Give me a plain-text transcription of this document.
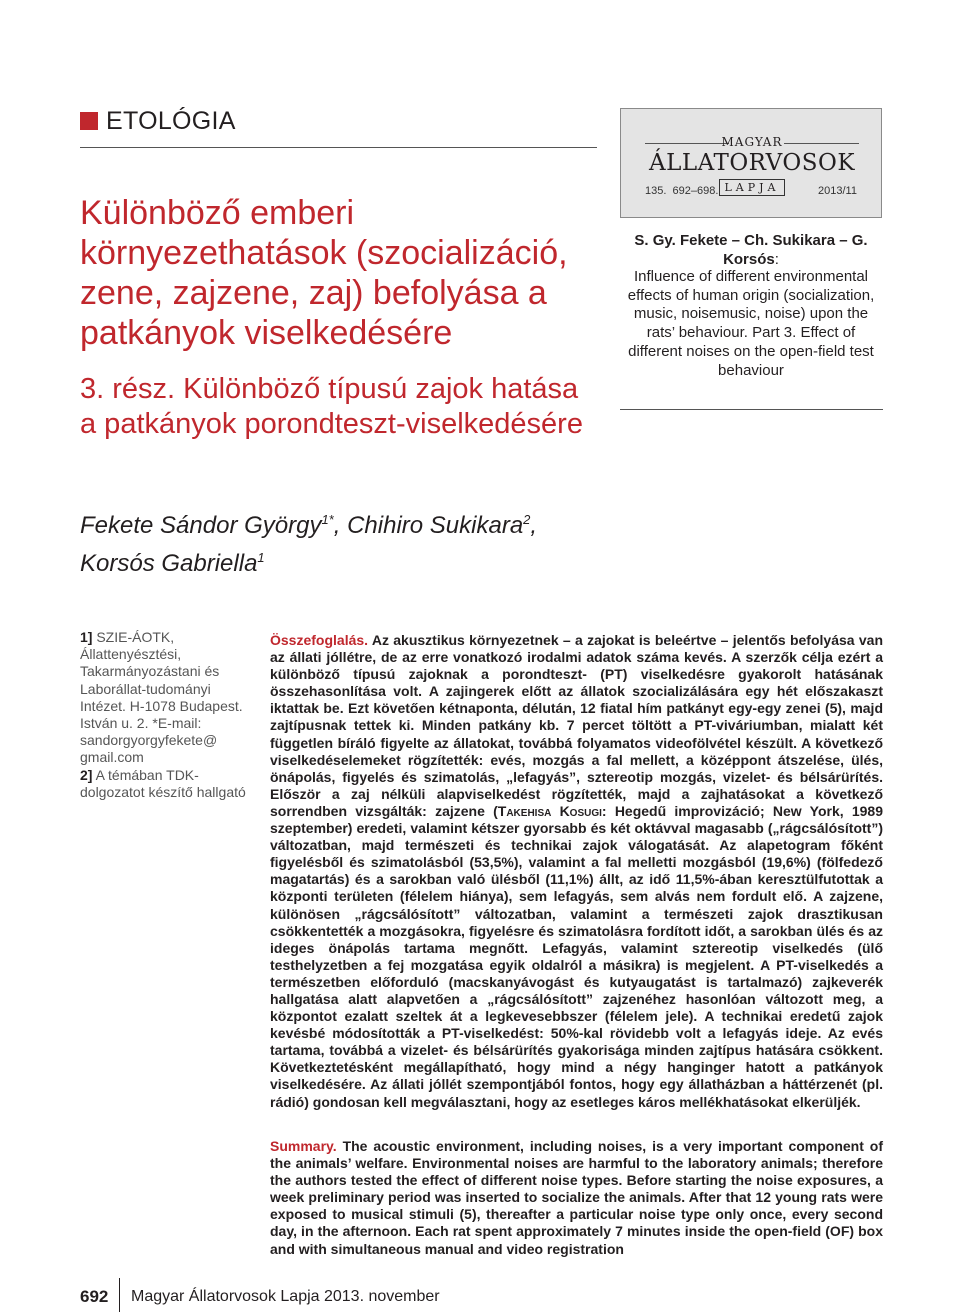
ETOLÓGIA
Különböző emberi környezethatások (szocializáció, zene, zajzene, zaj) befolyása a patkányok viselkedésére
3. rész. Különböző típusú zajok hatása a patkányok porondteszt-viselkedésére
MAGYAR
ÁLLATORVOSOK
135. 692–698. LAPJA	2013/11
S. Gy. Fekete – Ch. Sukikara – G. Korsós:
Influence of different environmental effects of human origin (socialization, music, noisemusic, noise) upon the rats’ behaviour. Part 3. Effect of different noises on the open-field test behaviour
Fekete Sándor György$^{1*}$, Chihiro Sukikara$^2$,
Korsós Gabriella$^1$
1] SZIE-ÁOTK, Állattenyésztési, Takarmányozástani és Laborállat-tudományi Intézet. H-1078 Budapest. István u. 2. *E-mail: sandorgyorgyfekete@ gmail.com
2] A témában TDK-dolgozatot készítő hallgató
Összefoglalás. Az akusztikus környezetnek – a zajokat is beleértve – jelentős befolyása van az állati jóllétre, de az erre vonatkozó irodalmi adatok száma kevés. A szerzők célja ezért a különböző típusú zajoknak a porondteszt- (PT) viselkedésre gyakorolt hatásának összehasonlítása volt. A zajingerek előtt az állatok szocializálására egy hét előszakaszt iktattak be. Ezt követően kétnaponta, délután, 12 fiatal hím patkányt egy-egy zenei (5), majd zajtípusnak tettek ki. Minden patkány kb. 7 percet töltött a PT-viváriumban, mialatt két független bíráló figyelte az állatokat, továbbá folyamatos videofölvétel készült. A következő viselkedéselemeket rögzítették: evés, mozgás a fal mellett, a középpont átszelése, ülés, önápolás, figyelés és szimatolás, „lefagyás”, sztereotip mozgás, vizelet- és bélsárürítés. Először a zaj nélküli alapviselkedést rögzítették, majd a zajhatásokat a következő sorrendben vizsgálták: zajzene (Takehisa Kosugi: Hegedű improvizáció; New York, 1989 szeptember) eredeti, valamint kétszer gyorsabb és két oktávval magasabb („rágcsálósított”) változatban, majd természeti és technikai zajok válogatását. Az alapetogram főként figyelésből és szimatolásból (53,5%), valamint a fal melletti mozgásból (19,6%) (fölfedező magatartás) és a sarokban való ülésből (11,1%) állt, az idő 11,5%-ában keresztülfutottak a központi területen (félelem hiánya), sem lefagyás, sem alvás nem fordult elő. A zajzene, különösen „rágcsálósított” változatban, valamint a természeti zajok drasztikusan csökkentették a mozgásokra, figyelésre és szimatolásra fordított időt, a sarokban ülés és az ideges önápolás tartama megnőtt. Lefagyás, valamint sztereotip viselkedés (ülő testhelyzetben a fej mozgatása egyik oldalról a másikra) is megjelent. A PT-viselkedés a természetben előforduló (macskanyávogást és kutyaugatást is tartalmazó) zajkeverék hallgatása alatt alapvetően a „rágcsálósított” zajzenéhez hasonlóan változott meg, a központot ezalatt szeltek át a legkevesebbszer (félelem jele). A technikai eredetű zajok kevésbé módosították a PT-viselkedést: 50%-kal rövidebb volt a lefagyás ideje. Az evés tartama, továbbá a vizelet- és bélsárürítés gyakorisága minden zajtípus hatására csökkent. Következtetésként megállapítható, hogy mind a négy hanginger hatott a patkányok viselkedésére. Az állati jóllét szempontjából fontos, hogy egy állatházban a háttérzenét (pl. rádió) gondosan kell megválasztani, hogy az esetleges káros mellékhatásokat elkerüljék.
Summary. The acoustic environment, including noises, is a very important component of the animals’ welfare. Environmental noises are harmful to the laboratory animals; therefore the authors tested the effect of different noise types. Before starting the noise exposures, a week preliminary period was inserted to socialize the animals. After that 12 young rats were exposed to musical stimuli (5), thereafter a particular noise type only once, every second day, in the afternoon. Each rat spent approximately 7 minutes inside the open-field (OF) box and with simultaneous manual and video registration
692 Magyar Állatorvosok Lapja 2013. november
